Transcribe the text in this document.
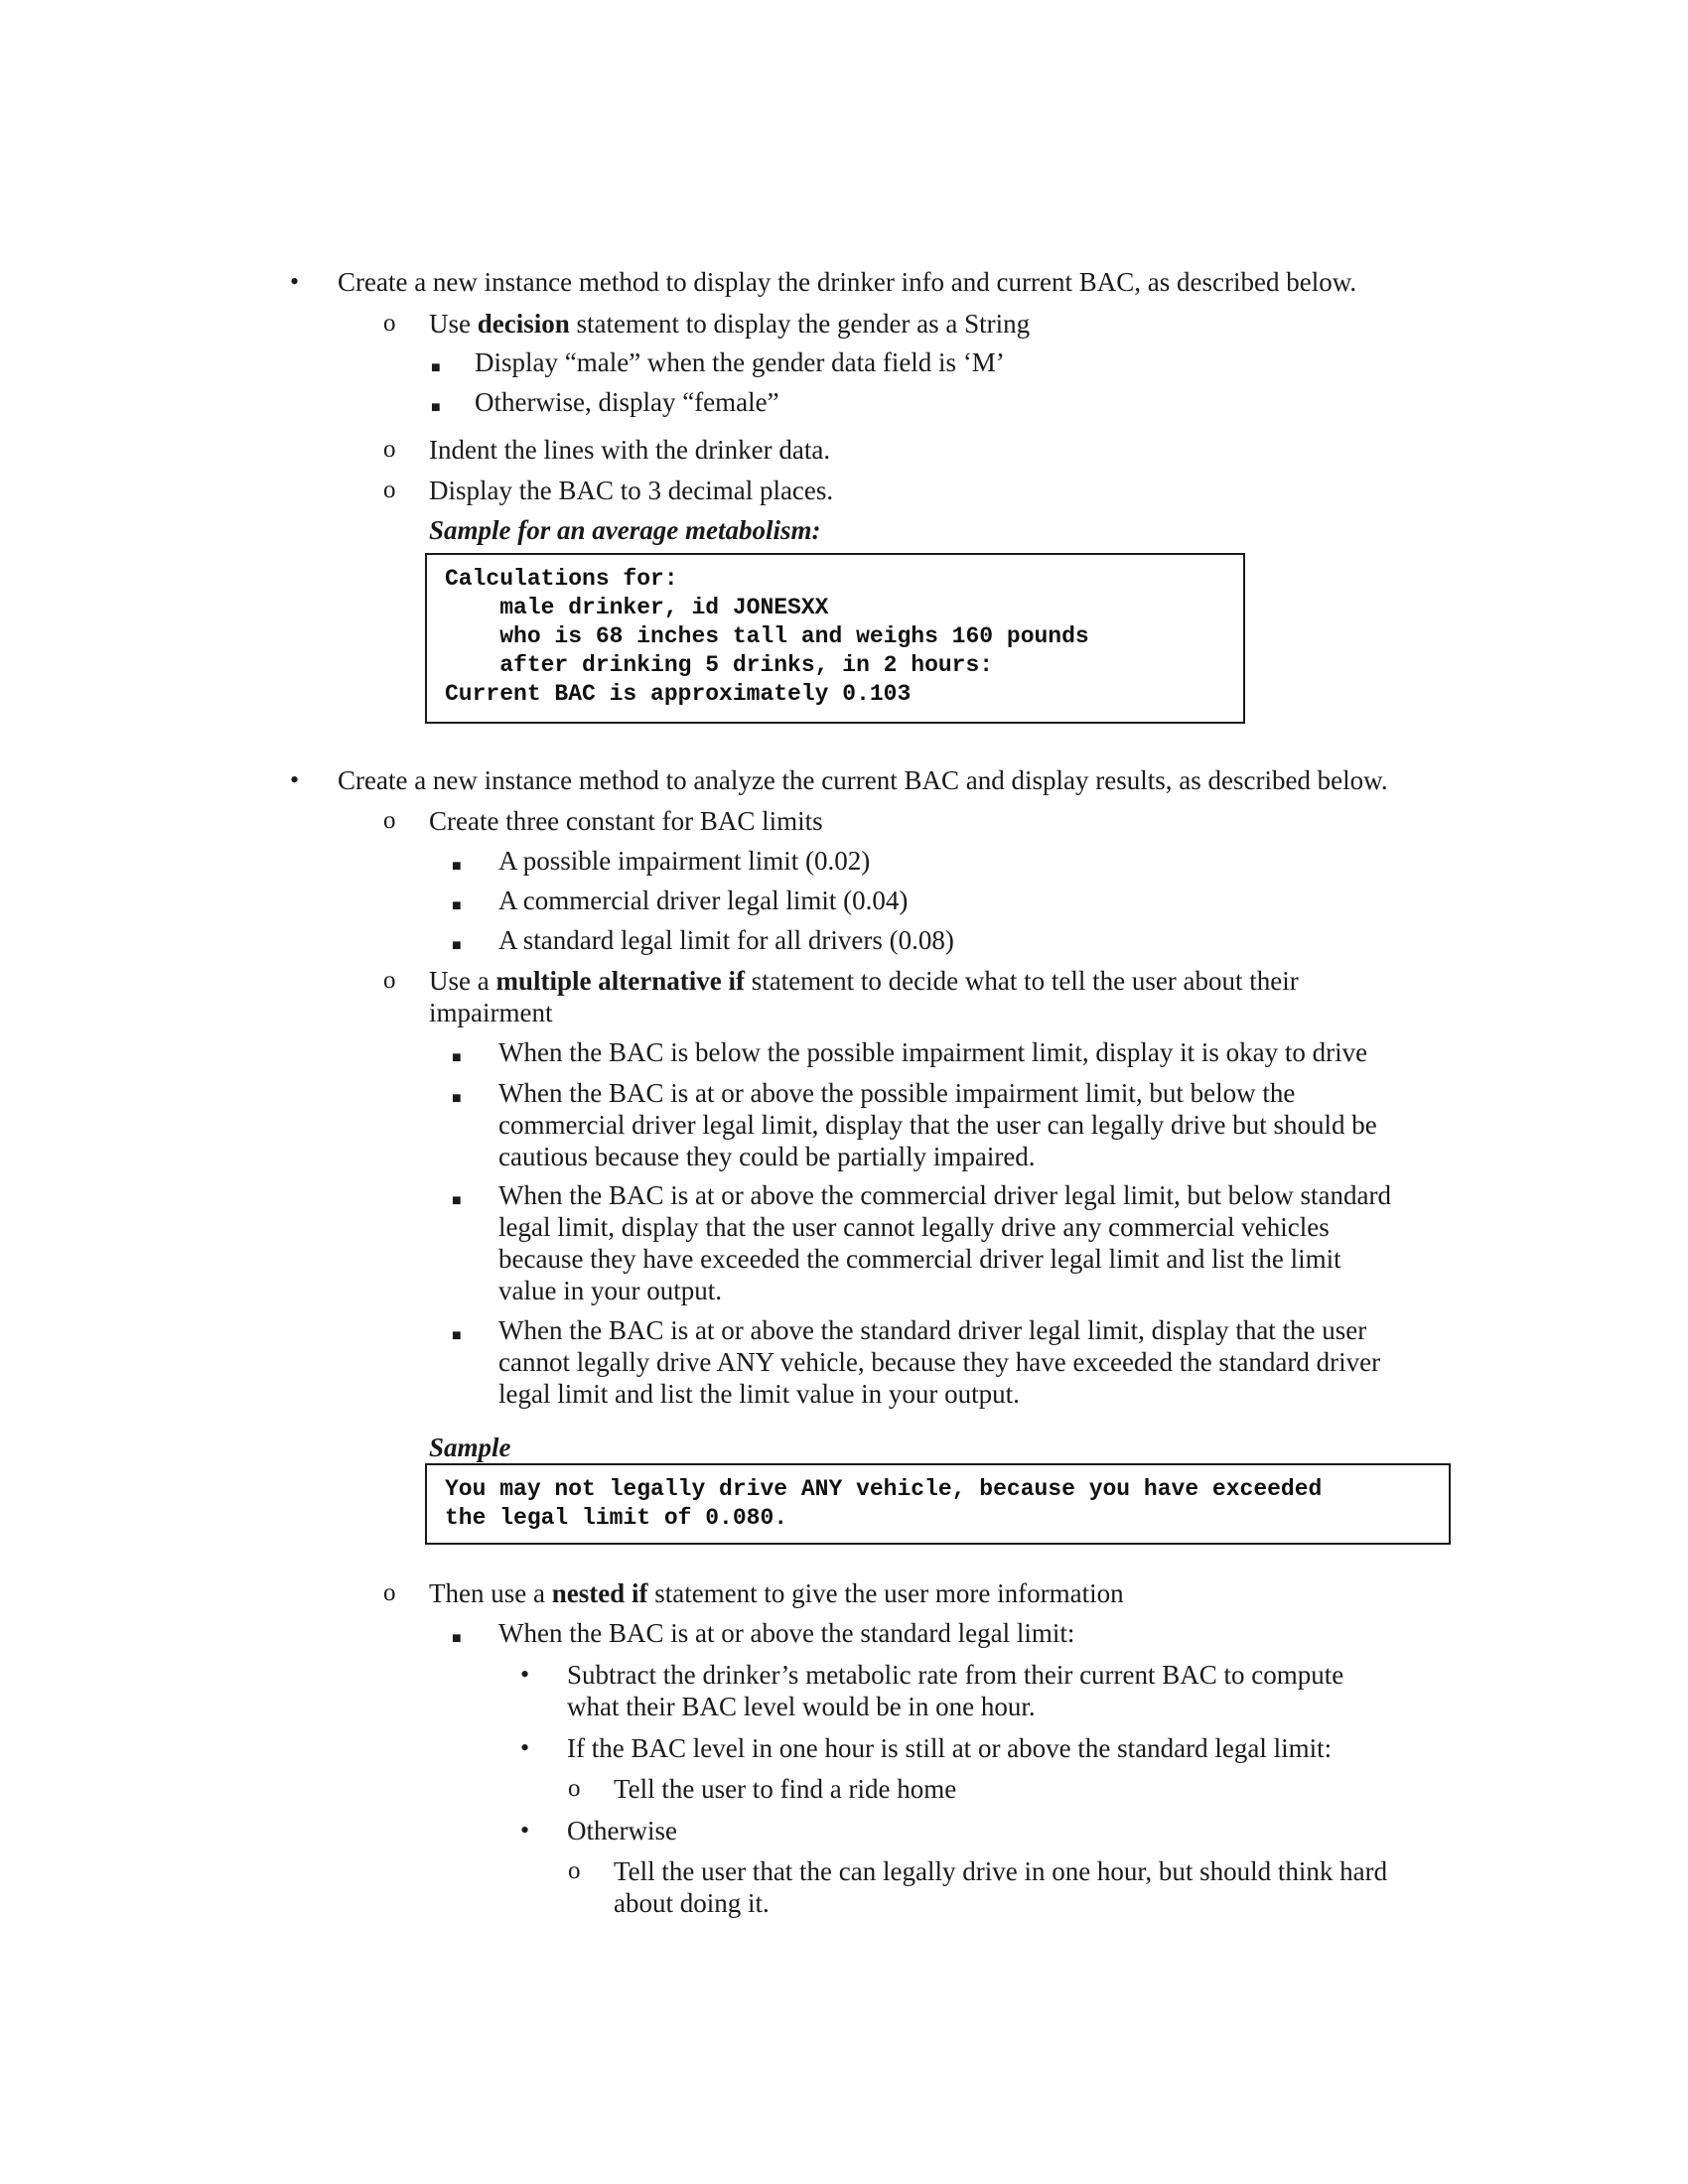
• Create a new instance method to display the drinker info and current BAC, as described below.
o Use decision statement to display the gender as a String
■ Display “male” when the gender data field is ‘M’
■ Otherwise, display “female”
o Indent the lines with the drinker data.
o Display the BAC to 3 decimal places.
Sample for an average metabolism:
Calculations for:
male drinker, id JONESXX
who is 68 inches tall and weighs 160 pounds
after drinking 5 drinks, in 2 hours:
Current BAC is approximately 0.103
• Create a new instance method to analyze the current BAC and display results, as described below.
o Create three constant for BAC limits
■ A possible impairment limit (0.02)
■ A commercial driver legal limit (0.04)
■ A standard legal limit for all drivers (0.08)
o Use a multiple alternative if statement to decide what to tell the user about their
impairment
■ When the BAC is below the possible impairment limit, display it is okay to drive
■ When the BAC is at or above the possible impairment limit, but below the
commercial driver legal limit, display that the user can legally drive but should be
cautious because they could be partially impaired.
■ When the BAC is at or above the commercial driver legal limit, but below standard
legal limit, display that the user cannot legally drive any commercial vehicles
because they have exceeded the commercial driver legal limit and list the limit
value in your output.
■ When the BAC is at or above the standard driver legal limit, display that the user
cannot legally drive ANY vehicle, because they have exceeded the standard driver
legal limit and list the limit value in your output.
Sample
You may not legally drive ANY vehicle, because you have exceeded
the legal limit of 0.080.
o Then use a nested if statement to give the user more information
■ When the BAC is at or above the standard legal limit:
• Subtract the drinker’s metabolic rate from their current BAC to compute
what their BAC level would be in one hour.
• If the BAC level in one hour is still at or above the standard legal limit:
o Tell the user to find a ride home
• Otherwise
o Tell the user that the can legally drive in one hour, but should think hard
about doing it.
